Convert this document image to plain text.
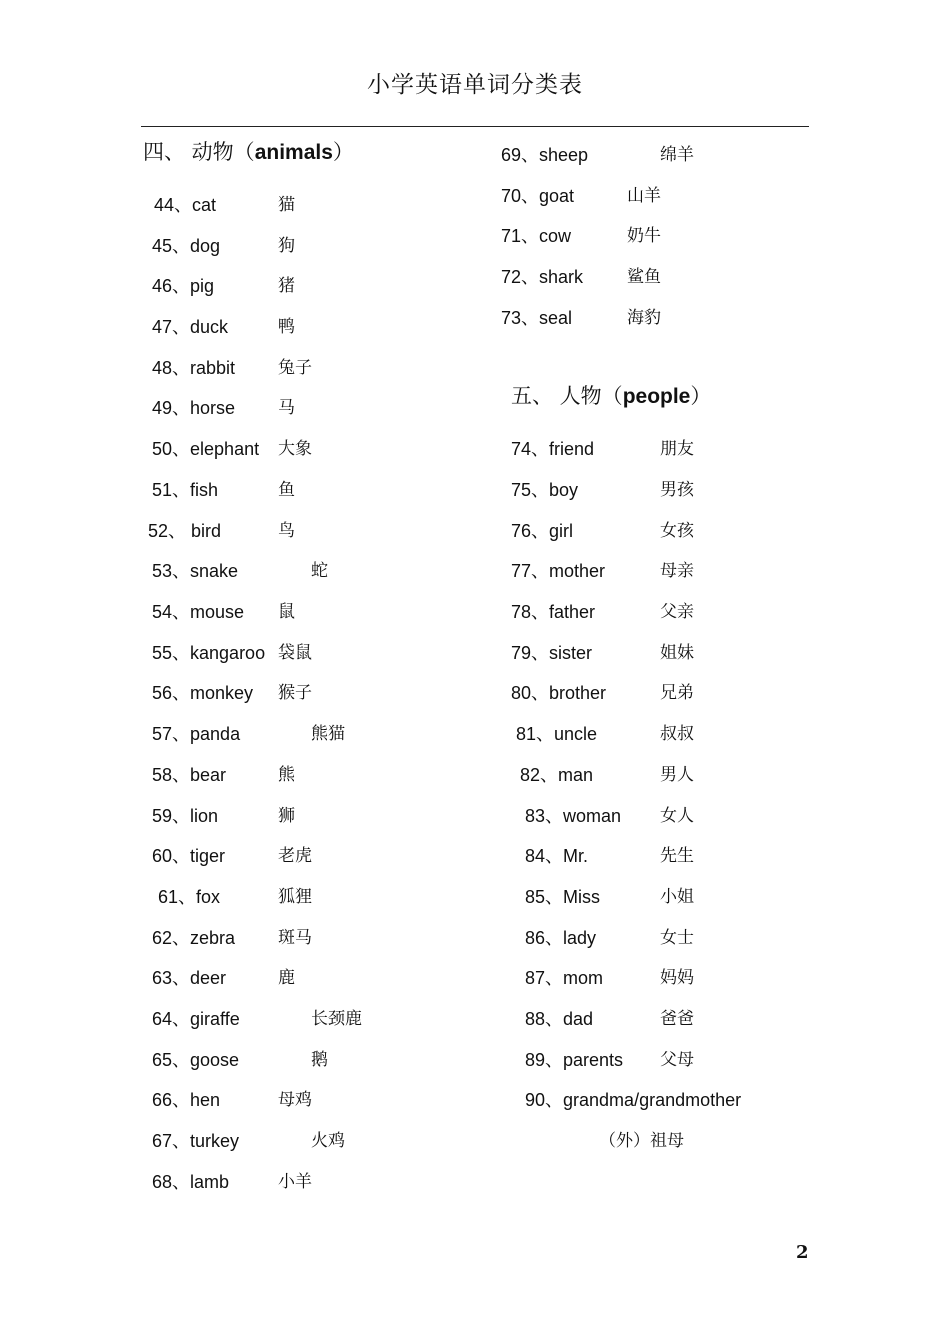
小学英语单词分类表
四、 动物（animals）
五、 人物（people）
44、cat	猫
45、dog	狗
46、pig	猪
47、duck	鸭
48、rabbit	兔子
49、horse	马
50、elephant 大象
51、fish	鱼
52、 bird	鸟
53、snake	蛇
54、mouse 鼠
55、kangaroo 袋鼠
56、monkey 猴子
57、panda	熊猫
58、bear	熊
59、lion	狮
60、tiger	老虎
61、fox	狐狸
62、zebra	斑马
63、deer	鹿
64、giraffe	长颈鹿
65、goose	鹅
66、hen	母鸡
67、turkey	火鸡
68、lamb	小羊
69、sheep	绵羊
70、goat	山羊
71、cow	奶牛
72、shark	鲨鱼
73、seal	海豹
74、friend	朋友
75、boy	男孩
76、girl	女孩
77、mother	母亲
78、father	父亲
79、sister	姐妹
80、brother	兄弟
81、uncle	叔叔
82、man	男人
83、woman 女人
84、Mr.	先生
85、Miss	小姐
86、lady	女士
87、mom	妈妈
88、dad	爸爸
89、parents 父母
90、grandma/grandmother
（外）祖母
2
